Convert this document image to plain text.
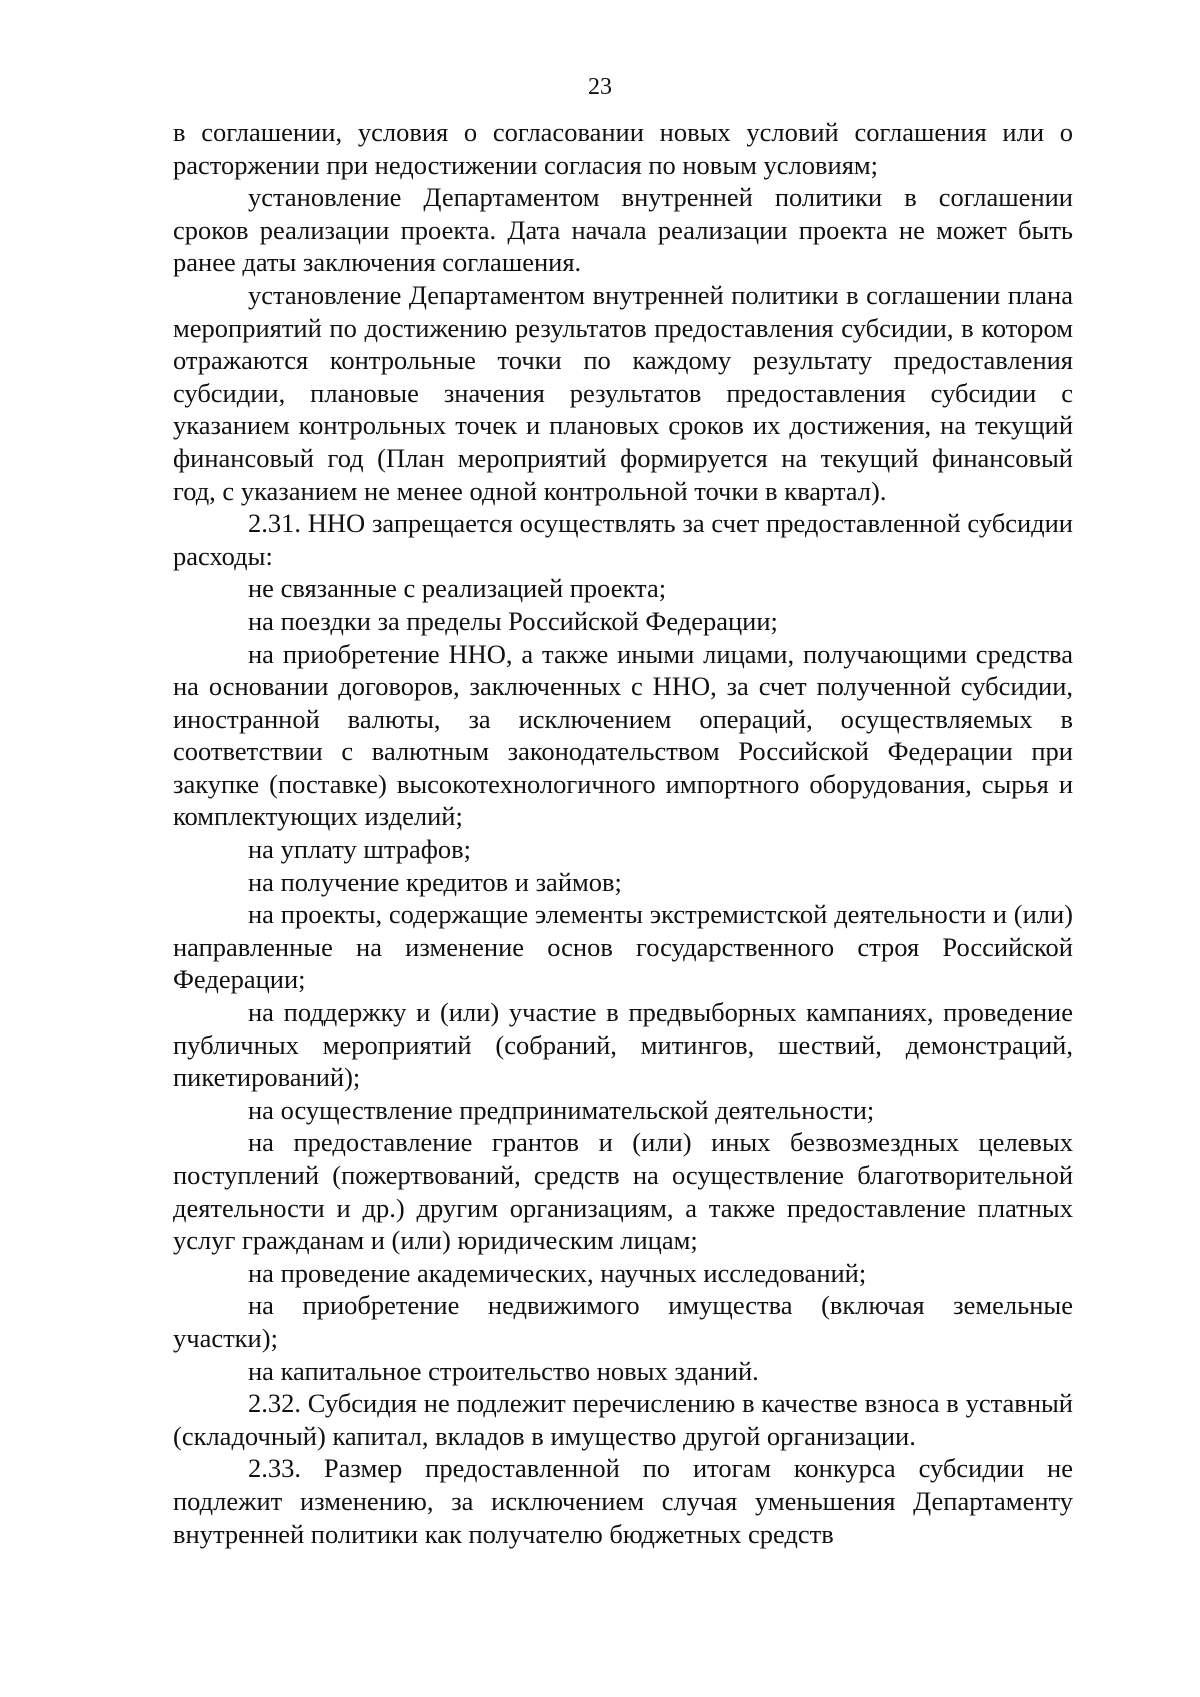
23

в соглашении, условия о согласовании новых условий соглашения или о расторжении при недостижении согласия по новым условиям;

установление Департаментом внутренней политики в соглашении сроков реализации проекта. Дата начала реализации проекта не может быть ранее даты заключения соглашения.

установление Департаментом внутренней политики в соглашении плана мероприятий по достижению результатов предоставления субсидии, в котором отражаются контрольные точки по каждому результату предоставления субсидии, плановые значения результатов предоставления субсидии с указанием контрольных точек и плановых сроков их достижения, на текущий финансовый год (План мероприятий формируется на текущий финансовый год, с указанием не менее одной контрольной точки в квартал).

2.31. ННО запрещается осуществлять за счет предоставленной субсидии расходы:

не связанные с реализацией проекта;

на поездки за пределы Российской Федерации;

на приобретение ННО, а также иными лицами, получающими средства на основании договоров, заключенных с ННО, за счет полученной субсидии, иностранной валюты, за исключением операций, осуществляемых в соответствии с валютным законодательством Российской Федерации при закупке (поставке) высокотехнологичного импортного оборудования, сырья и комплектующих изделий;

на уплату штрафов;

на получение кредитов и займов;

на проекты, содержащие элементы экстремистской деятельности и (или) направленные на изменение основ государственного строя Российской Федерации;

на поддержку и (или) участие в предвыборных кампаниях, проведение публичных мероприятий (собраний, митингов, шествий, демонстраций, пикетирований);

на осуществление предпринимательской деятельности;

на предоставление грантов и (или) иных безвозмездных целевых поступлений (пожертвований, средств на осуществление благотворительной деятельности и др.) другим организациям, а также предоставление платных услуг гражданам и (или) юридическим лицам;

на проведение академических, научных исследований;

на приобретение недвижимого имущества (включая земельные участки);

на капитальное строительство новых зданий.

2.32. Субсидия не подлежит перечислению в качестве взноса в уставный (складочный) капитал, вкладов в имущество другой организации.

2.33. Размер предоставленной по итогам конкурса субсидии не подлежит изменению, за исключением случая уменьшения Департаменту внутренней политики как получателю бюджетных средств
